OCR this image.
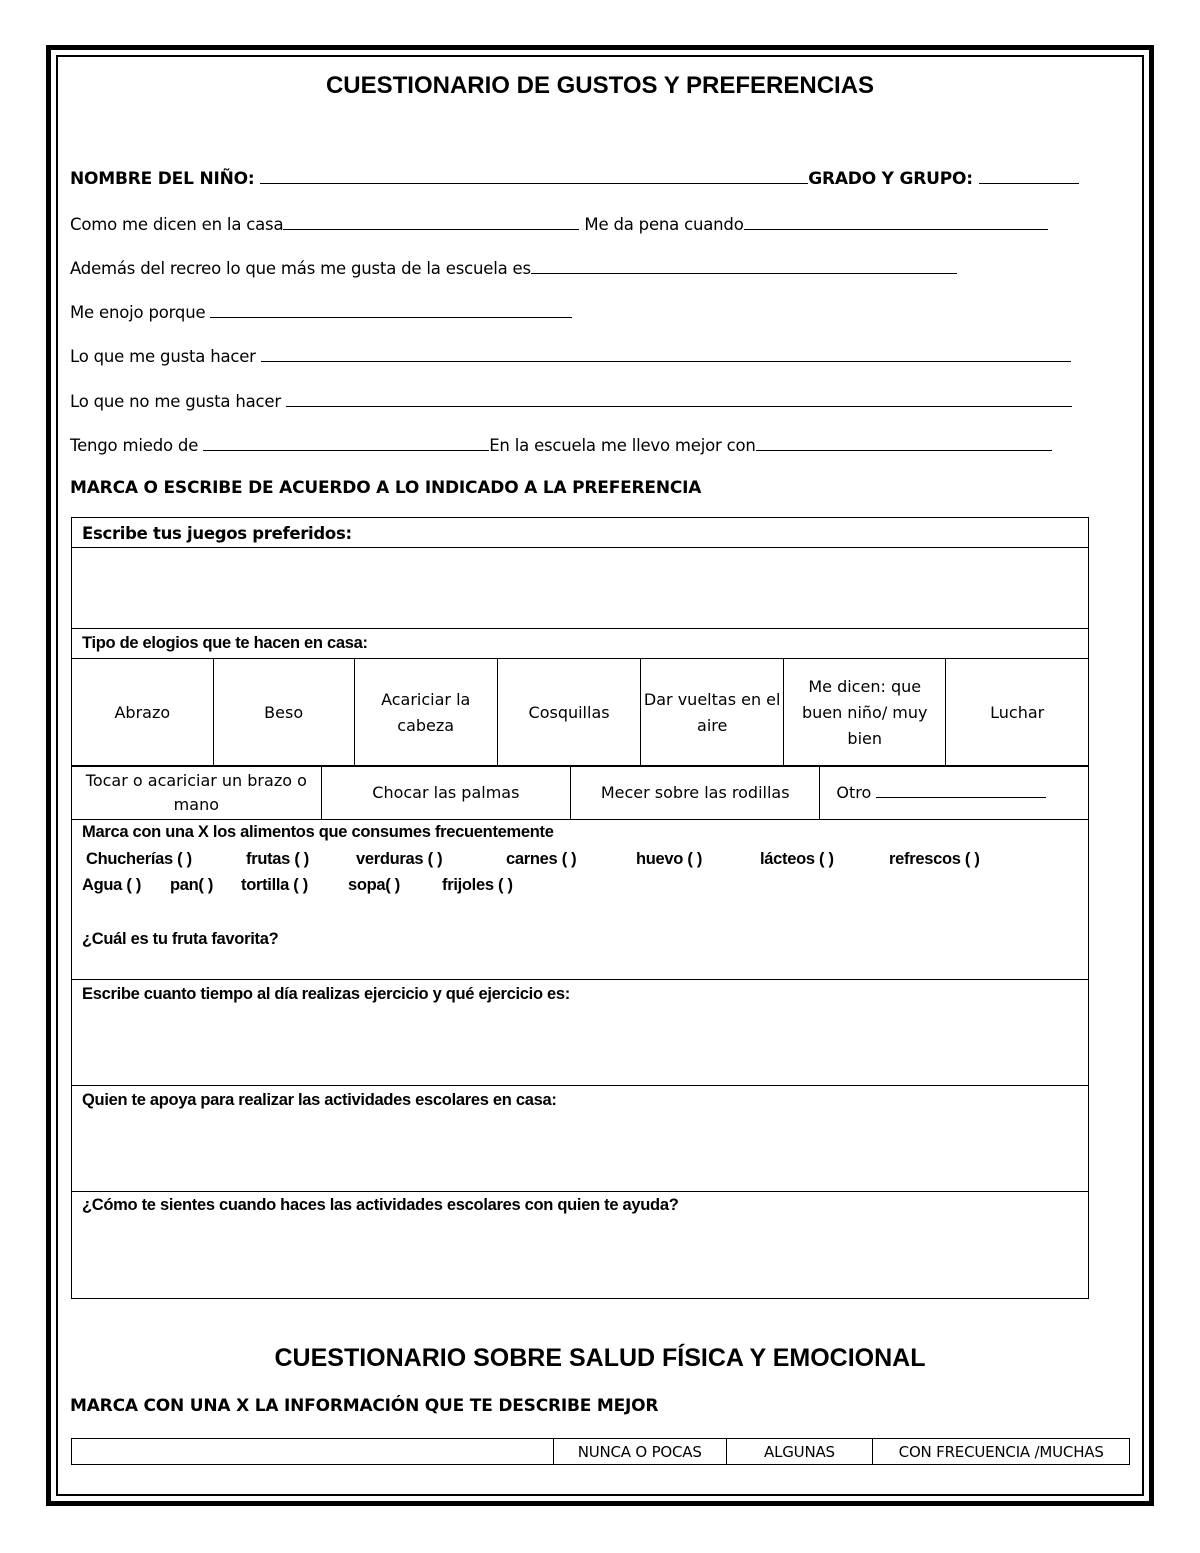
CUESTIONARIO DE GUSTOS Y PREFERENCIAS
NOMBRE DEL NIÑO:	GRADO Y GRUPO:
Como me dicen en la casa	Me da pena cuando
Además del recreo lo que más me gusta de la escuela es
Me enojo porque
Lo que me gusta hacer
Lo que no me gusta hacer
Tengo miedo de	En la escuela me llevo mejor con
MARCA O ESCRIBE DE ACUERDO A LO INDICADO A LA PREFERENCIA
Escribe tus juegos preferidos:
Tipo de elogios que te hacen en casa:
Abrazo	Beso	Acariciar la cabeza	Cosquillas	Dar vueltas en el aire	Me dicen: que buen niño/ muy bien	Luchar
Tocar o acariciar un brazo o mano	Chocar las palmas	Mecer sobre las rodillas	Otro
Marca con una X los alimentos que consumes frecuentemente
Chucherías ( )	frutas ( )	verduras ( )	carnes ( )	huevo ( )	lácteos ( )	refrescos ( )
Agua ( ) pan( ) tortilla ( ) sopa( )	frijoles ( )
¿Cuál es tu fruta favorita?
Escribe cuanto tiempo al día realizas ejercicio y qué ejercicio es:
Quien te apoya para realizar las actividades escolares en casa:
¿Cómo te sientes cuando haces las actividades escolares con quien te ayuda?
CUESTIONARIO SOBRE SALUD FÍSICA Y EMOCIONAL
MARCA CON UNA X LA INFORMACIÓN QUE TE DESCRIBE MEJOR
	NUNCA O POCAS	ALGUNAS	CON FRECUENCIA /MUCHAS
